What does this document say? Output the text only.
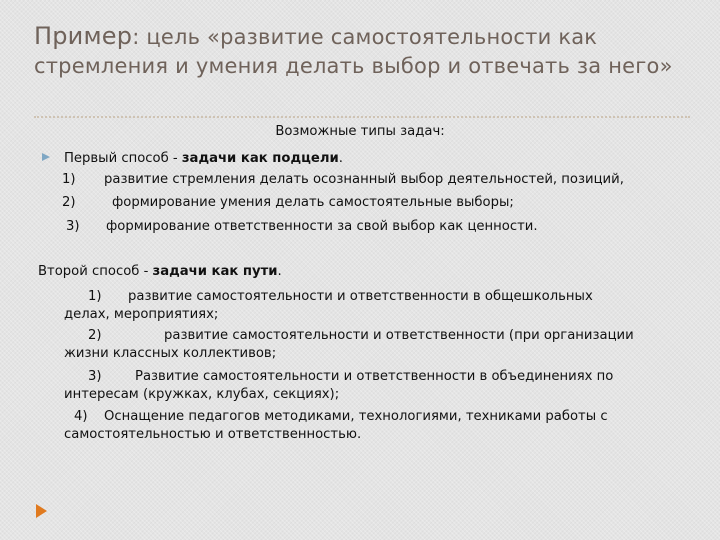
Пример: цель «развитие самостоятельности как стремления и умения делать выбор и отвечать за него»
Возможные типы задач:
Первый способ - задачи как подцели.
1) развитие стремления делать осознанный выбор деятельностей, позиций,
2)	формирование умения делать самостоятельные выборы;
3) формирование ответственности за свой выбор как ценности.
Второй способ - задачи как пути.
1) развитие самостоятельности и ответственности в общешкольных
делах, мероприятиях;
2)	развитие самостоятельности и ответственности (при организации
жизни классных коллективов;
3)	Развитие самостоятельности и ответственности в объединениях по
интересам (кружках, клубах, секциях);
4) Оснащение педагогов методиками, технологиями, техниками работы с
самостоятельностью и ответственностью.
